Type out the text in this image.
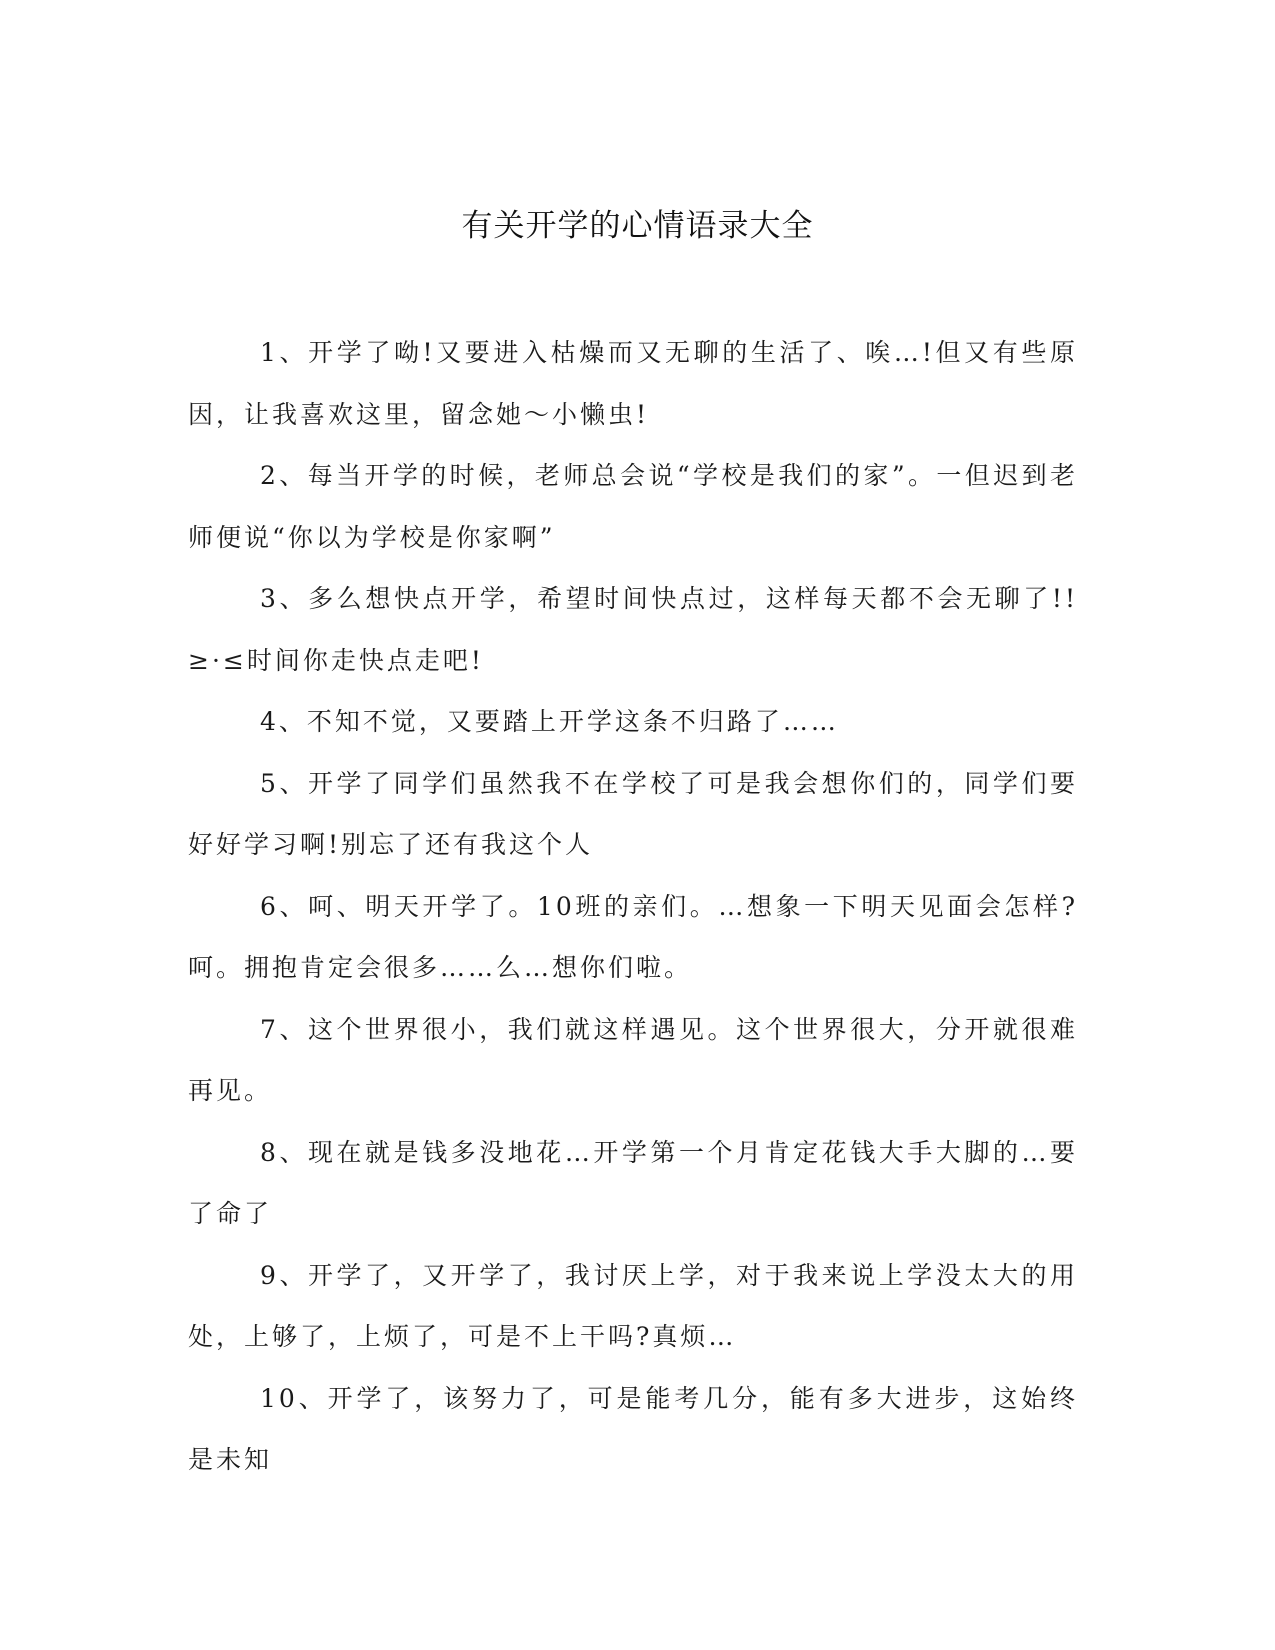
有关开学的心情语录大全

1、开学了呦!又要进入枯燥而又无聊的生活了、唉…!但又有些原因，让我喜欢这里，留念她～小懒虫!

2、每当开学的时候，老师总会说“学校是我们的家”。一但迟到老师便说“你以为学校是你家啊”

3、多么想快点开学，希望时间快点过，这样每天都不会无聊了!!≥·≤时间你走快点走吧!

4、不知不觉，又要踏上开学这条不归路了……

5、开学了同学们虽然我不在学校了可是我会想你们的，同学们要好好学习啊!别忘了还有我这个人

6、呵、明天开学了。10班的亲们。…想象一下明天见面会怎样?呵。拥抱肯定会很多……么…想你们啦。

7、这个世界很小，我们就这样遇见。这个世界很大，分开就很难再见。

8、现在就是钱多没地花…开学第一个月肯定花钱大手大脚的…要了命了

9、开学了，又开学了，我讨厌上学，对于我来说上学没太大的用处，上够了，上烦了，可是不上干吗?真烦…

10、开学了，该努力了，可是能考几分，能有多大进步，这始终是未知
